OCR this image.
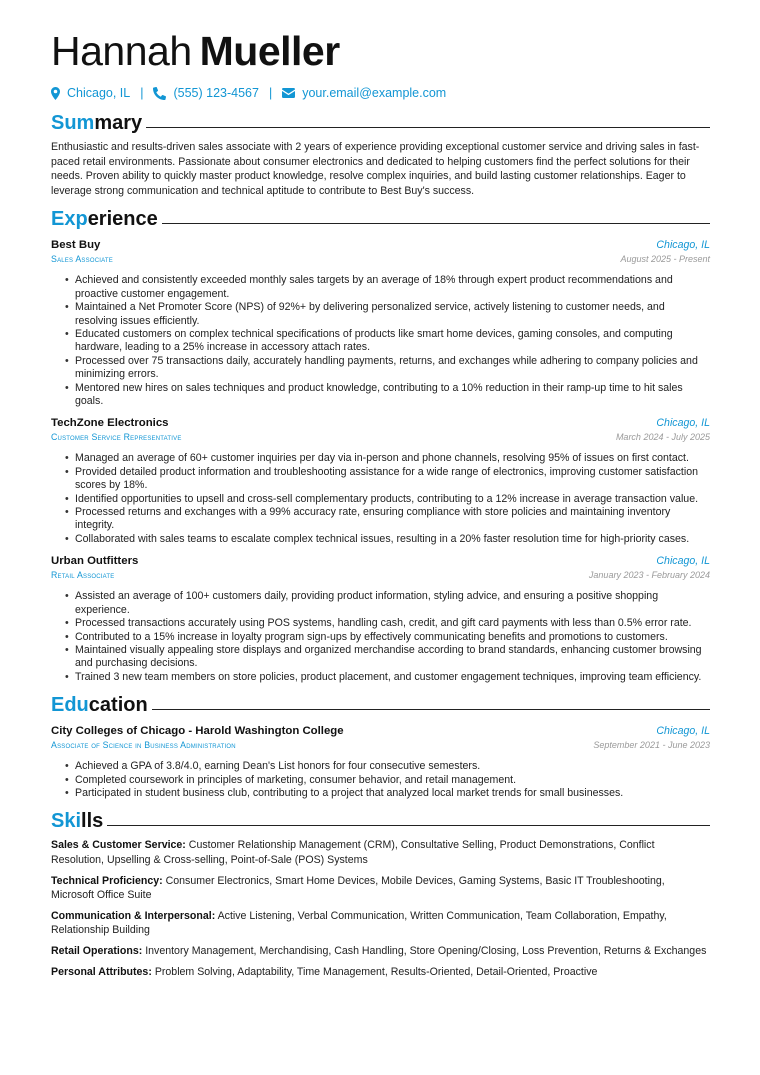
Hannah Mueller
Chicago, IL | (555) 123-4567 | your.email@example.com
Summary

Enthusiastic and results-driven sales associate with 2 years of experience providing exceptional customer service and driving sales in fast-paced retail environments. Passionate about consumer electronics and dedicated to helping customers find the perfect solutions for their needs. Proven ability to quickly master product knowledge, resolve complex inquiries, and build lasting customer relationships. Eager to leverage strong communication and technical aptitude to contribute to Best Buy's success.

Experience
Best Buy	Chicago, IL
Sales Associate	August 2025 - Present
• Achieved and consistently exceeded monthly sales targets by an average of 18% through expert product recommendations and proactive customer engagement.
• Maintained a Net Promoter Score (NPS) of 92%+ by delivering personalized service, actively listening to customer needs, and resolving issues efficiently.
• Educated customers on complex technical specifications of products like smart home devices, gaming consoles, and computing hardware, leading to a 25% increase in accessory attach rates.
• Processed over 75 transactions daily, accurately handling payments, returns, and exchanges while adhering to company policies and minimizing errors.
• Mentored new hires on sales techniques and product knowledge, contributing to a 10% reduction in their ramp-up time to hit sales goals.
TechZone Electronics	Chicago, IL
Customer Service Representative	March 2024 - July 2025
• Managed an average of 60+ customer inquiries per day via in-person and phone channels, resolving 95% of issues on first contact.
• Provided detailed product information and troubleshooting assistance for a wide range of electronics, improving customer satisfaction scores by 18%.
• Identified opportunities to upsell and cross-sell complementary products, contributing to a 12% increase in average transaction value.
• Processed returns and exchanges with a 99% accuracy rate, ensuring compliance with store policies and maintaining inventory integrity.
• Collaborated with sales teams to escalate complex technical issues, resulting in a 20% faster resolution time for high-priority cases.
Urban Outfitters	Chicago, IL
Retail Associate	January 2023 - February 2024
• Assisted an average of 100+ customers daily, providing product information, styling advice, and ensuring a positive shopping experience.
• Processed transactions accurately using POS systems, handling cash, credit, and gift card payments with less than 0.5% error rate.
• Contributed to a 15% increase in loyalty program sign-ups by effectively communicating benefits and promotions to customers.
• Maintained visually appealing store displays and organized merchandise according to brand standards, enhancing customer browsing and purchasing decisions.
• Trained 3 new team members on store policies, product placement, and customer engagement techniques, improving team efficiency.
Education
City Colleges of Chicago - Harold Washington College	Chicago, IL
Associate of Science in Business Administration	September 2021 - June 2023
• Achieved a GPA of 3.8/4.0, earning Dean's List honors for four consecutive semesters.
• Completed coursework in principles of marketing, consumer behavior, and retail management.
• Participated in student business club, contributing to a project that analyzed local market trends for small businesses.
Skills
Sales & Customer Service: Customer Relationship Management (CRM), Consultative Selling, Product Demonstrations, Conflict Resolution, Upselling & Cross-selling, Point-of-Sale (POS) Systems
Technical Proficiency: Consumer Electronics, Smart Home Devices, Mobile Devices, Gaming Systems, Basic IT Troubleshooting, Microsoft Office Suite
Communication & Interpersonal: Active Listening, Verbal Communication, Written Communication, Team Collaboration, Empathy, Relationship Building
Retail Operations: Inventory Management, Merchandising, Cash Handling, Store Opening/Closing, Loss Prevention, Returns & Exchanges
Personal Attributes: Problem Solving, Adaptability, Time Management, Results-Oriented, Detail-Oriented, Proactive
